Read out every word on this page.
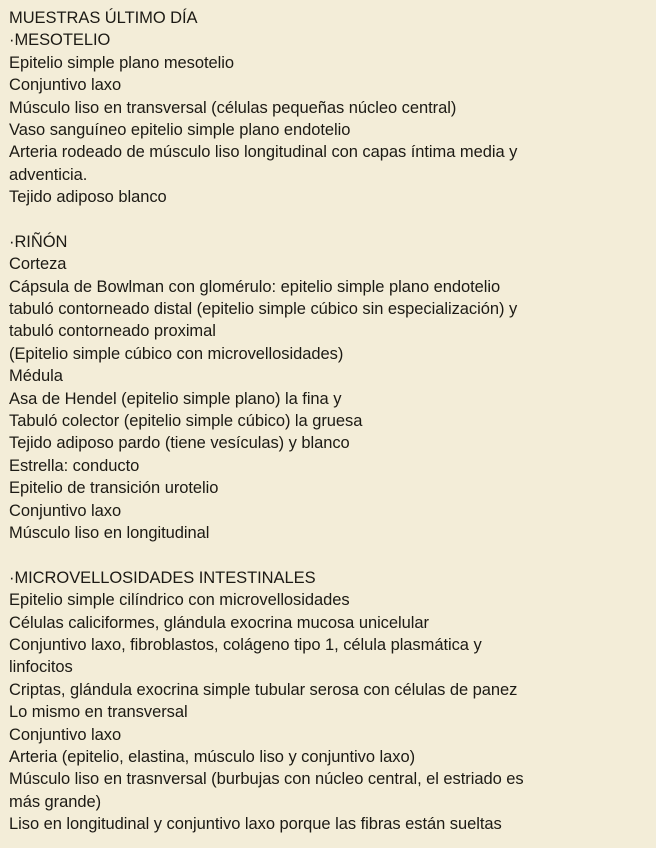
MUESTRAS ÚLTIMO DÍA
·MESOTELIO
Epitelio simple plano mesotelio
Conjuntivo laxo
Músculo liso en transversal (células pequeñas núcleo central)
Vaso sanguíneo epitelio simple plano endotelio
Arteria rodeado de músculo liso longitudinal con capas íntima media y
adventicia.
Tejido adiposo blanco
·RIÑÓN
Corteza
Cápsula de Bowlman con glomérulo: epitelio simple plano endotelio
tabuló contorneado distal (epitelio simple cúbico sin especialización) y
tabuló contorneado proximal
(Epitelio simple cúbico con microvellosidades)
Médula
Asa de Hendel (epitelio simple plano) la fina y
Tabuló colector (epitelio simple cúbico) la gruesa
Tejido adiposo pardo (tiene vesículas) y blanco
Estrella: conducto
Epitelio de transición urotelio
Conjuntivo laxo
Músculo liso en longitudinal
·MICROVELLOSIDADES INTESTINALES
Epitelio simple cilíndrico con microvellosidades
Células caliciformes, glándula exocrina mucosa unicelular
Conjuntivo laxo, fibroblastos, colágeno tipo 1, célula plasmática y
linfocitos
Criptas, glándula exocrina simple tubular serosa con células de panez
Lo mismo en transversal
Conjuntivo laxo
Arteria (epitelio, elastina, músculo liso y conjuntivo laxo)
Músculo liso en trasnversal (burbujas con núcleo central, el estriado es
más grande)
Liso en longitudinal y conjuntivo laxo porque las fibras están sueltas
